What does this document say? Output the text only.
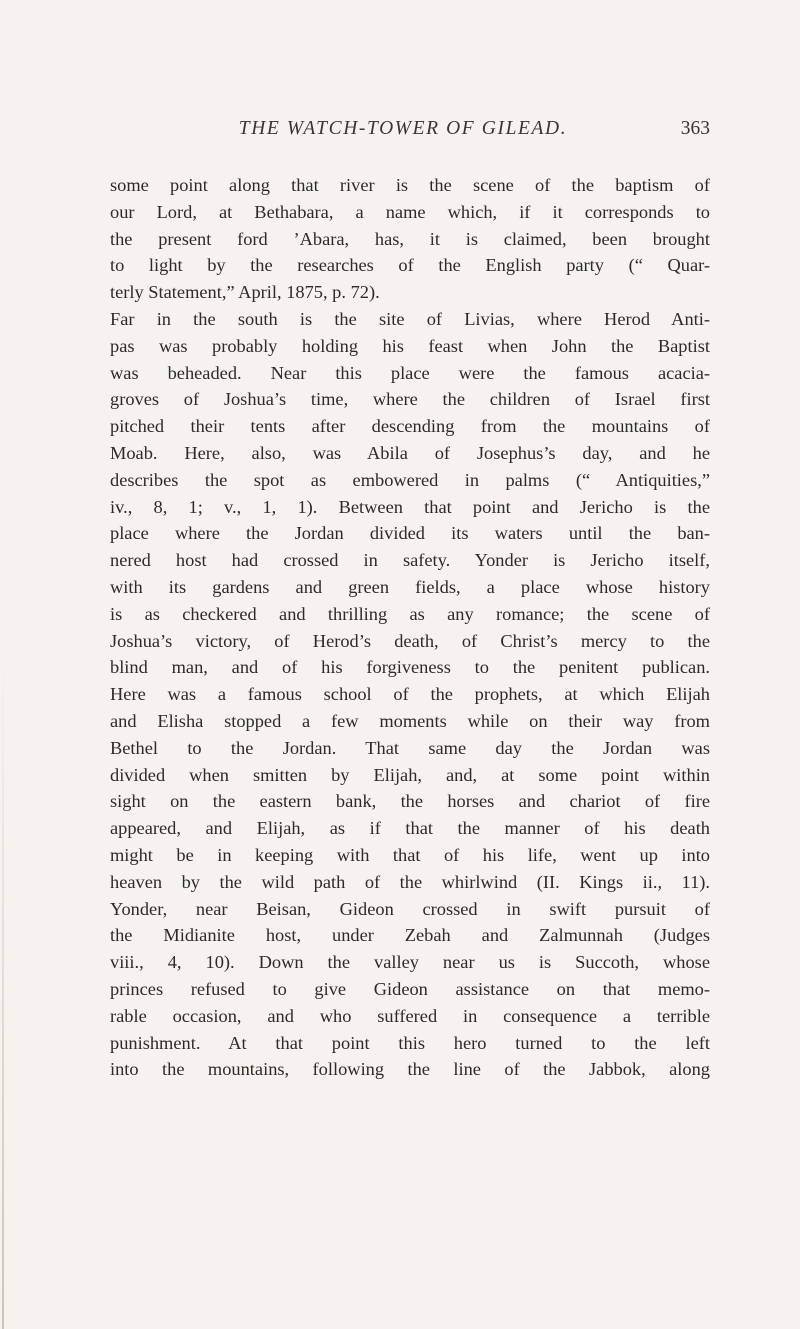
THE WATCH-TOWER OF GILEAD.	363
some point along that river is the scene of the baptism of
our Lord, at Bethabara, a name which, if it corresponds to
the present ford ’Abara, has, it is claimed, been brought
to light by the researches of the English party (“ Quar-
terly Statement,” April, 1875, p. 72).
Far in the south is the site of Livias, where Herod Anti-
pas was probably holding his feast when John the Baptist
was beheaded. Near this place were the famous acacia-
groves of Joshua’s time, where the children of Israel first
pitched their tents after descending from the mountains of
Moab. Here, also, was Abila of Josephus’s day, and he
describes the spot as embowered in palms (“ Antiquities,”
iv., 8, 1; v., 1, 1). Between that point and Jericho is the
place where the Jordan divided its waters until the ban-
nered host had crossed in safety. Yonder is Jericho itself,
with its gardens and green fields, a place whose history
is as checkered and thrilling as any romance; the scene of
Joshua’s victory, of Herod’s death, of Christ’s mercy to the
blind man, and of his forgiveness to the penitent publican.
Here was a famous school of the prophets, at which Elijah
and Elisha stopped a few moments while on their way from
Bethel to the Jordan. That same day the Jordan was
divided when smitten by Elijah, and, at some point within
sight on the eastern bank, the horses and chariot of fire
appeared, and Elijah, as if that the manner of his death
might be in keeping with that of his life, went up into
heaven by the wild path of the whirlwind (II. Kings ii., 11).
Yonder, near Beisan, Gideon crossed in swift pursuit of
the Midianite host, under Zebah and Zalmunnah (Judges
viii., 4, 10). Down the valley near us is Succoth, whose
princes refused to give Gideon assistance on that memo-
rable occasion, and who suffered in consequence a terrible
punishment. At that point this hero turned to the left
into the mountains, following the line of the Jabbok, along
